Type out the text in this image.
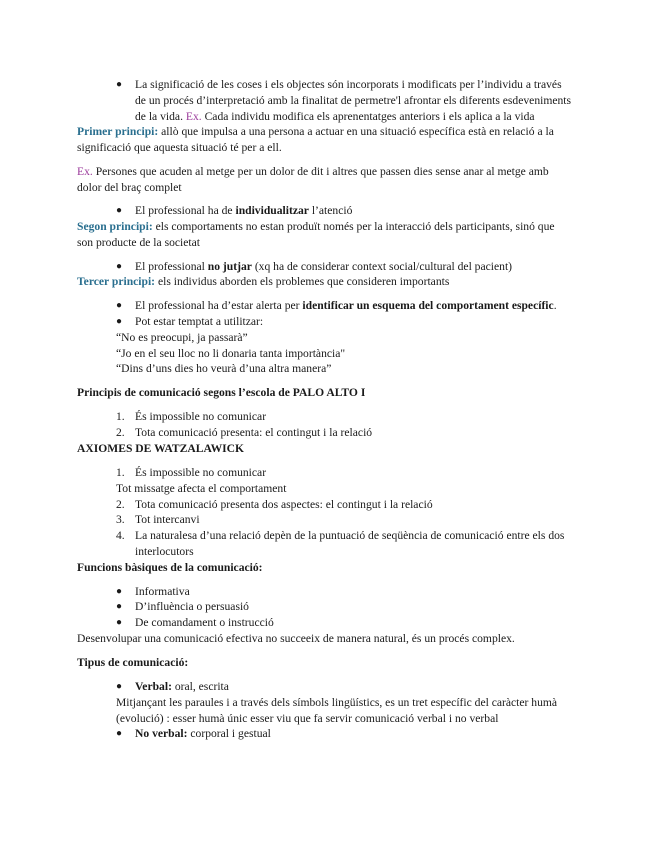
● La significació de les coses i els objectes són incorporats i modificats per l’individu a través
de un procés d’interpretació amb la finalitat de permetre'l afrontar els diferents esdeveniments
de la vida. Ex. Cada individu modifica els aprenentatges anteriors i els aplica a la vida
Primer principi: allò que impulsa a una persona a actuar en una situació específica està en relació a la
significació que aquesta situació té per a ell.
Ex. Persones que acuden al metge per un dolor de dit i altres que passen dies sense anar al metge amb
dolor del braç complet
● El professional ha de individualitzar l’atenció
Segon principi: els comportaments no estan produït només per la interacció dels participants, sinó que
son producte de la societat
● El professional no jutjar (xq ha de considerar context social/cultural del pacient)
Tercer principi: els individus aborden els problemes que consideren importants
● El professional ha d’estar alerta per identificar un esquema del comportament específic.
● Pot estar temptat a utilitzar:
“No es preocupi, ja passarà”
“Jo en el seu lloc no li donaria tanta importància"
“Dins d’uns dies ho veurà d’una altra manera”
Principis de comunicació segons l’escola de PALO ALTO I
1. És impossible no comunicar
2. Tota comunicació presenta: el contingut i la relació
AXIOMES DE WATZALAWICK
1. És impossible no comunicar
Tot missatge afecta el comportament
2. Tota comunicació presenta dos aspectes: el contingut i la relació
3. Tot intercanvi
4. La naturalesa d’una relació depèn de la puntuació de seqüència de comunicació entre els dos
interlocutors
Funcions bàsiques de la comunicació:
● Informativa
● D’influència o persuasió
● De comandament o instrucció
Desenvolupar una comunicació efectiva no succeeix de manera natural, és un procés complex.
Tipus de comunicació:
● Verbal: oral, escrita
Mitjançant les paraules i a través dels símbols lingüístics, es un tret específic del caràcter humà
(evolució) : esser humà únic esser viu que fa servir comunicació verbal i no verbal
● No verbal: corporal i gestual
